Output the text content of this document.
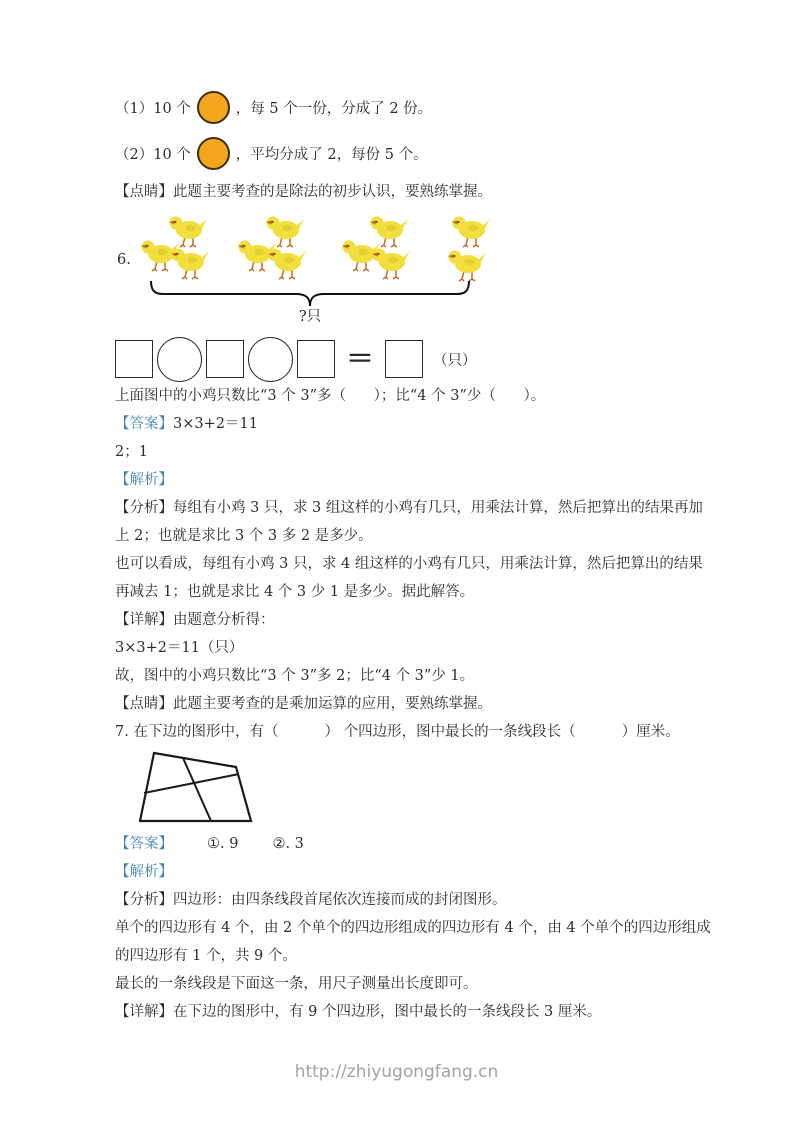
（1）10 个	，每 5 个一份，分成了 2 份。
（2）10 个	，平均分成了 2，每份 5 个。
【点睛】此题主要考查的是除法的初步认识，要熟练掌握。
6.
?只
＝	（只）
上面图中的小鸡只数比“3 个 3”多（      ）；比“4 个 3”少（      ）。
【答案】3×3+2＝11
2；1
【解析】
【分析】每组有小鸡 3 只，求 3 组这样的小鸡有几只，用乘法计算，然后把算出的结果再加
上 2；也就是求比 3 个 3 多 2 是多少。
也可以看成，每组有小鸡 3 只，求 4 组这样的小鸡有几只，用乘法计算，然后把算出的结果
再减去 1；也就是求比 4 个 3 少 1 是多少。据此解答。
【详解】由题意分析得：
3×3+2＝11（只）
故，图中的小鸡只数比“3 个 3”多 2；比“4 个 3”少 1。
【点睛】此题主要考查的是乘加运算的应用，要熟练掌握。
7. 在下边的图形中，有（          ） 个四边形，图中最长的一条线段长（          ）厘米。
【答案】 ①. 9 ②. 3
【解析】
【分析】四边形：由四条线段首尾依次连接而成的封闭图形。
单个的四边形有 4 个，由 2 个单个的四边形组成的四边形有 4 个，由 4 个单个的四边形组成
的四边形有 1 个，共 9 个。
最长的一条线段是下面这一条，用尺子测量出长度即可。
【详解】在下边的图形中，有 9 个四边形，图中最长的一条线段长 3 厘米。
http://zhiyugongfang.cn
